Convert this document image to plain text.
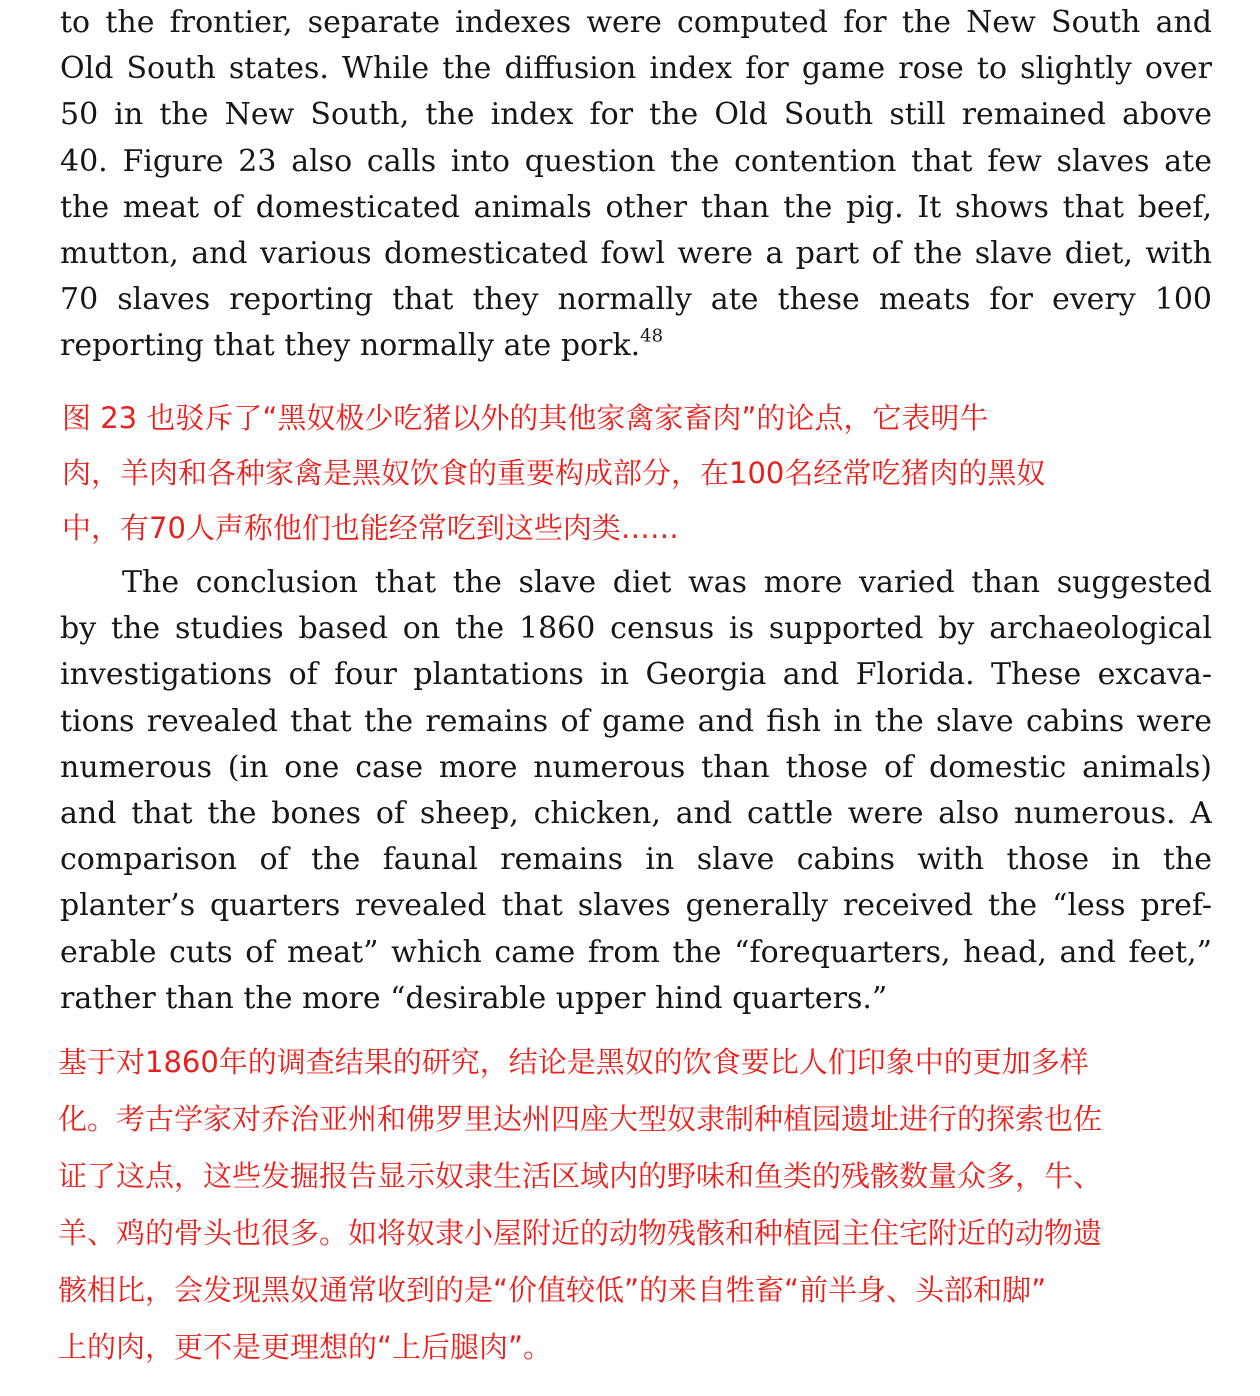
to the frontier, separate indexes were computed for the New South and
Old South states. While the diffusion index for game rose to slightly over
50 in the New South, the index for the Old South still remained above
40. Figure 23 also calls into question the contention that few slaves ate
the meat of domesticated animals other than the pig. It shows that beef,
mutton, and various domesticated fowl were a part of the slave diet, with
70 slaves reporting that they normally ate these meats for every 100
reporting that they normally ate pork.$^{48}$
图 23 也驳斥了“黑奴极少吃猪以外的其他家禽家畜肉”的论点，它表明牛
肉，羊肉和各种家禽是黑奴饮食的重要构成部分，在100名经常吃猪肉的黑奴
中，有70人声称他们也能经常吃到这些肉类……
The conclusion that the slave diet was more varied than suggested
by the studies based on the 1860 census is supported by archaeological
investigations of four plantations in Georgia and Florida. These excava-
tions revealed that the remains of game and fish in the slave cabins were
numerous (in one case more numerous than those of domestic animals)
and that the bones of sheep, chicken, and cattle were also numerous. A
comparison of the faunal remains in slave cabins with those in the
planter’s quarters revealed that slaves generally received the “less pref-
erable cuts of meat” which came from the “forequarters, head, and feet,”
rather than the more “desirable upper hind quarters.”
基于对1860年的调查结果的研究，结论是黑奴的饮食要比人们印象中的更加多样
化。考古学家对乔治亚州和佛罗里达州四座大型奴隶制种植园遗址进行的探索也佐
证了这点，这些发掘报告显示奴隶生活区域内的野味和鱼类的残骸数量众多，牛、
羊、鸡的骨头也很多。如将奴隶小屋附近的动物残骸和种植园主住宅附近的动物遗
骸相比，会发现黑奴通常收到的是“价值较低”的来自牲畜“前半身、头部和脚”
上的肉，更不是更理想的“上后腿肉”。
